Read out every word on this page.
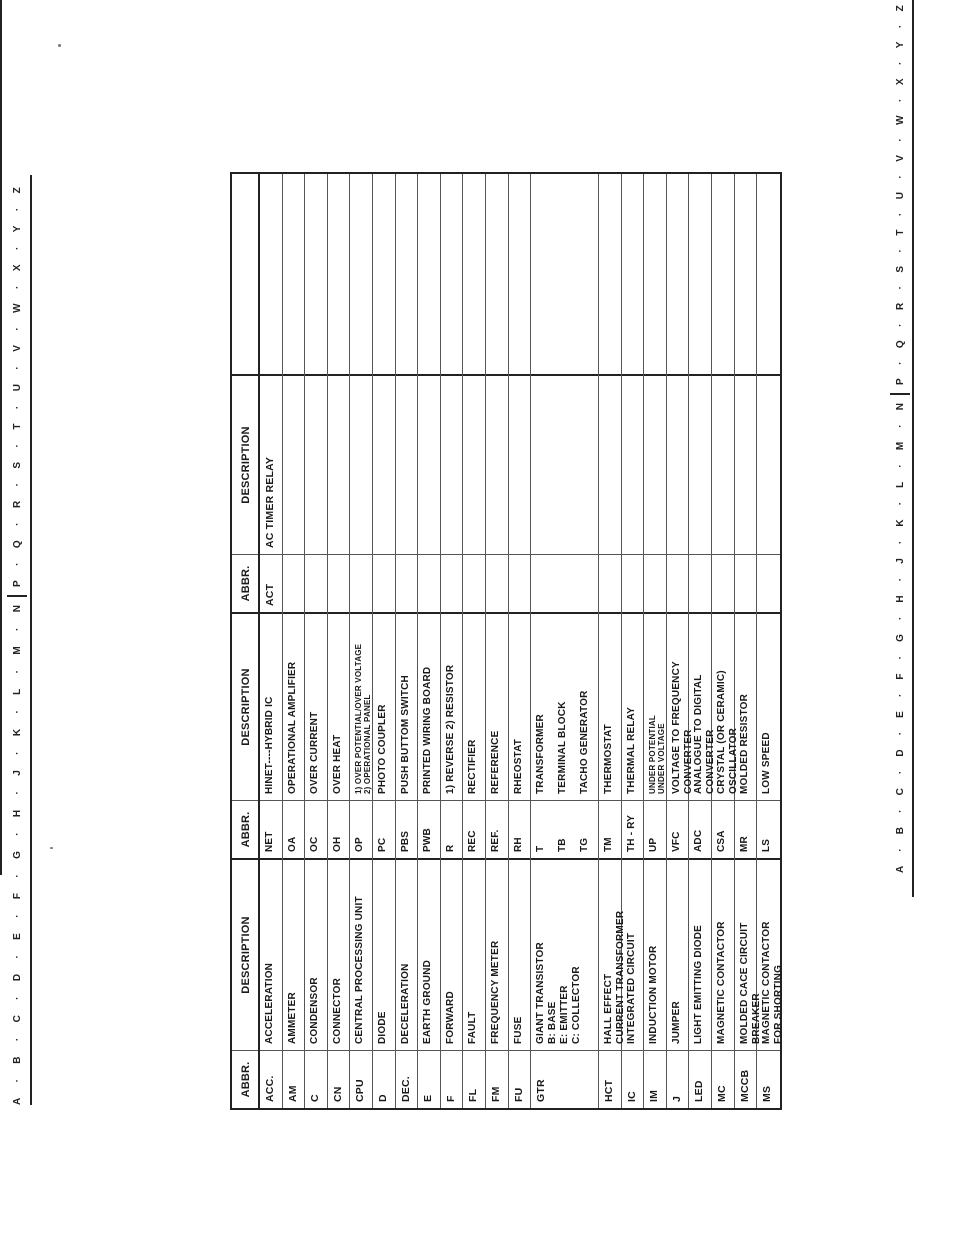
A
·
B
·
C
·
D
·
E
·
F
·
G
·
H
·
J
·
K
·
L
·
M
·
N
P
·
Q
·
R
·
S
·
T
·
U
·
V
·
W
·
X
·
Y
·
Z
A
·
B
·
C
·
D
·
E
·
F
·
G
·
H
·
J
·
K
·
L
·
M
·
N
P
·
Q
·
R
·
S
·
T
·
U
·
V
·
W
·
X
·
Y
·
Z
ABBR.
DESCRIPTION
ABBR.
DESCRIPTION
ABBR.
DESCRIPTION
ACC.
ACCELERATION
NET
HINET----HYBRID IC
ACT
AC TIMER RELAY
AM
AMMETER
OA
OPERATIONAL AMPLIFIER
C
CONDENSOR
OC
OVER CURRENT
CN
CONNECTOR
OH
OVER HEAT
CPU
CENTRAL PROCESSING UNIT
OP
1) OVER POTENTIAL/OVER VOLTAGE 2) OPERATIONAL PANEL
D
DIODE
PC
PHOTO COUPLER
DEC.
DECELERATION
PBS
PUSH BUTTOM SWITCH
E
EARTH GROUND
PWB
PRINTED WIRING BOARD
F
FORWARD
R
1) REVERSE 2) RESISTOR
FL
FAULT
REC
RECTIFIER
FM
FREQUENCY METER
REF.
REFERENCE
FU
FUSE
RH
RHEOSTAT
GTR
GIANT TRANSISTOR B: BASE E: EMITTER C: COLLECTOR
T TB TG
TRANSFORMER TERMINAL BLOCK TACHO GENERATOR
HCT
HALL EFFECT CURRENT TRANSFORMER
TM
THERMOSTAT
IC
INTEGRATED CIRCUIT
TH - RY
THERMAL RELAY
IM
INDUCTION MOTOR
UP
UNDER POTENTIAL UNDER VOLTAGE
J
JUMPER
VFC
VOLTAGE TO FREQUENCY CONVERTER
LED
LIGHT EMITTING DIODE
ADC
ANALOGUE TO DIGITAL CONVERTER
MC
MAGNETIC CONTACTOR
CSA
CRYSTAL (OR CERAMIC) OSCILLATOR
MCCB
MOLDED CACE CIRCUIT BREAKER
MR
MOLDED RESISTOR
MS
MAGNETIC CONTACTOR FOR SHORTING
LS
LOW SPEED
